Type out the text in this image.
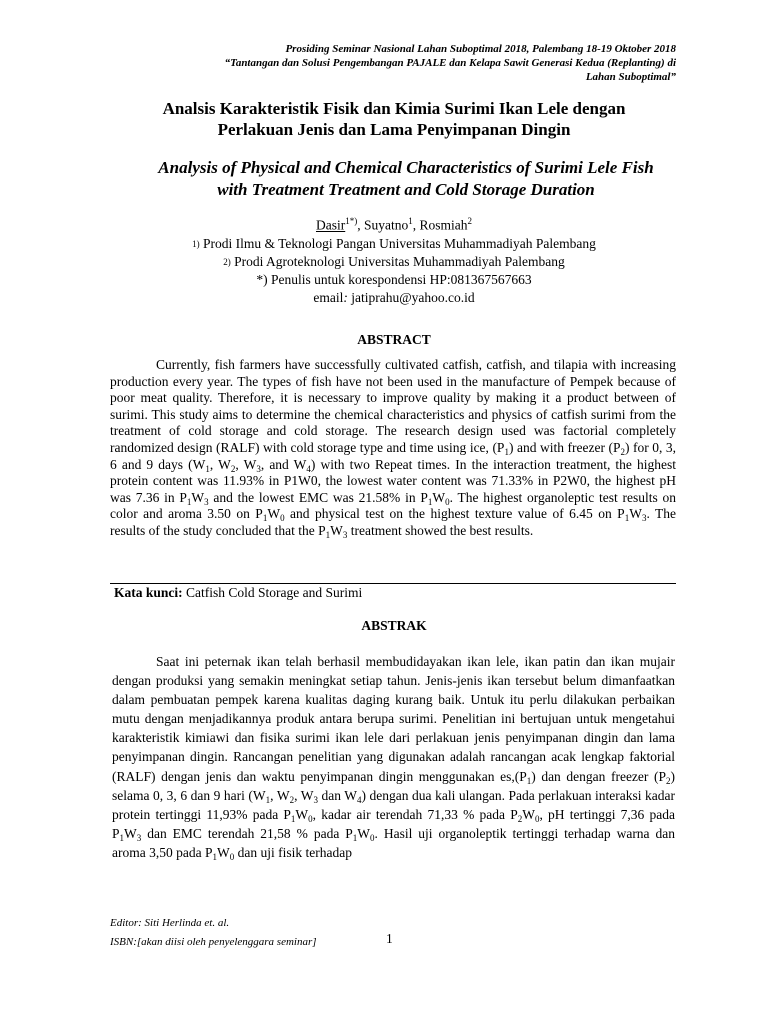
Prosiding Seminar Nasional Lahan Suboptimal 2018, Palembang 18-19 Oktober 2018
“Tantangan dan Solusi Pengembangan PAJALE dan Kelapa Sawit Generasi Kedua (Replanting) di
Lahan Suboptimal”
Analsis Karakteristik Fisik dan Kimia Surimi Ikan Lele dengan
Perlakuan Jenis dan Lama Penyimpanan Dingin
Analysis of Physical and Chemical Characteristics of Surimi Lele Fish
with Treatment Treatment and Cold Storage Duration
Dasir$^{1*)}$, Suyatno$^1$, Rosmiah$^2$
1) Prodi Ilmu & Teknologi Pangan Universitas Muhammadiyah Palembang
2) Prodi Agroteknologi Universitas Muhammadiyah Palembang
*) Penulis untuk korespondensi HP:081367567663
email: jatiprahu@yahoo.co.id
ABSTRACT

Currently, fish farmers have successfully cultivated catfish, catfish, and tilapia with increasing production every year. The types of fish have not been used in the manufacture of Pempek because of poor meat quality. Therefore, it is necessary to improve quality by making it a product between of surimi. This study aims to determine the chemical characteristics and physics of catfish surimi from the treatment of cold storage and cold storage. The research design used was factorial completely randomized design (RALF) with cold storage type and time using ice, $(P_1)$ and with freezer $(P_2)$ for 0, 3, 6 and 9 days ($W_1$, $W_2$, $W_3$, and $W_4$) with two Repeat times. In the interaction treatment, the highest protein content was 11.93% in P1W0, the lowest water content was 71.33% in P2W0, the highest pH was 7.36 in $P_1W_3$ and the lowest EMC was 21.58% in $P_1W_0$. The highest organoleptic test results on color and aroma 3.50 on $P_1W_0$ and physical test on the highest texture value of 6.45 on $P_1W_3$. The results of the study concluded that the $P_1W_3$ treatment showed the best results.

Kata kunci: Catfish Cold Storage and Surimi
ABSTRAK

Saat ini peternak ikan telah berhasil membudidayakan ikan lele, ikan patin dan ikan mujair dengan produksi yang semakin meningkat setiap tahun. Jenis-jenis ikan tersebut belum dimanfaatkan dalam pembuatan pempek karena kualitas daging kurang baik. Untuk itu perlu dilakukan perbaikan mutu dengan menjadikannya produk antara berupa surimi. Penelitian ini bertujuan untuk mengetahui karakteristik kimiawi dan fisika surimi ikan lele dari perlakuan jenis penyimpanan dingin dan lama penyimpanan dingin. Rancangan penelitian yang digunakan adalah rancangan acak lengkap faktorial (RALF) dengan jenis dan waktu penyimpanan dingin menggunakan $es,(P_1)$ dan dengan freezer $(P_2)$ selama 0, 3, 6 dan 9 hari ($W_1$, $W_2$, $W_3$ dan $W_4$) dengan dua kali ulangan. Pada perlakuan interaksi kadar protein tertinggi 11,93% pada $P_1W_0$, kadar air terendah 71,33 % pada $P_2W_0$, pH tertinggi 7,36 pada $P_1W_3$ dan EMC terendah 21,58 % pada $P_1W_0$. Hasil uji organoleptik tertinggi terhadap warna dan aroma 3,50 pada $P_1W_0$ dan uji fisik terhadap

Editor: Siti Herlinda et. al.
ISBN:[akan diisi oleh penyelenggara seminar]	1
